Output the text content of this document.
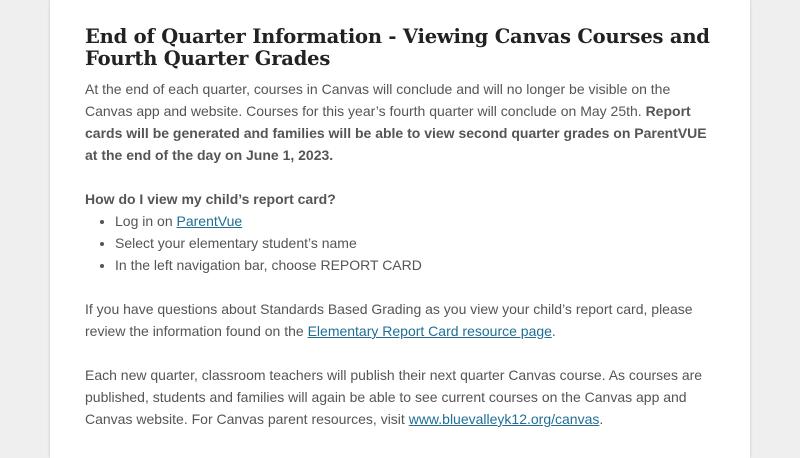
End of Quarter Information - Viewing Canvas Courses and Fourth Quarter Grades

At the end of each quarter, courses in Canvas will conclude and will no longer be visible on the Canvas app and website. Courses for this year’s fourth quarter will conclude on May 25th. Report cards will be generated and families will be able to view second quarter grades on ParentVUE at the end of the day on June 1, 2023.

How do I view my child’s report card?

• Log in on ParentVue
• Select your elementary student’s name
• In the left navigation bar, choose REPORT CARD

If you have questions about Standards Based Grading as you view your child’s report card, please review the information found on the Elementary Report Card resource page.

Each new quarter, classroom teachers will publish their next quarter Canvas course. As courses are published, students and families will again be able to see current courses on the Canvas app and Canvas website. For Canvas parent resources, visit www.bluevalleyk12.org/canvas.
